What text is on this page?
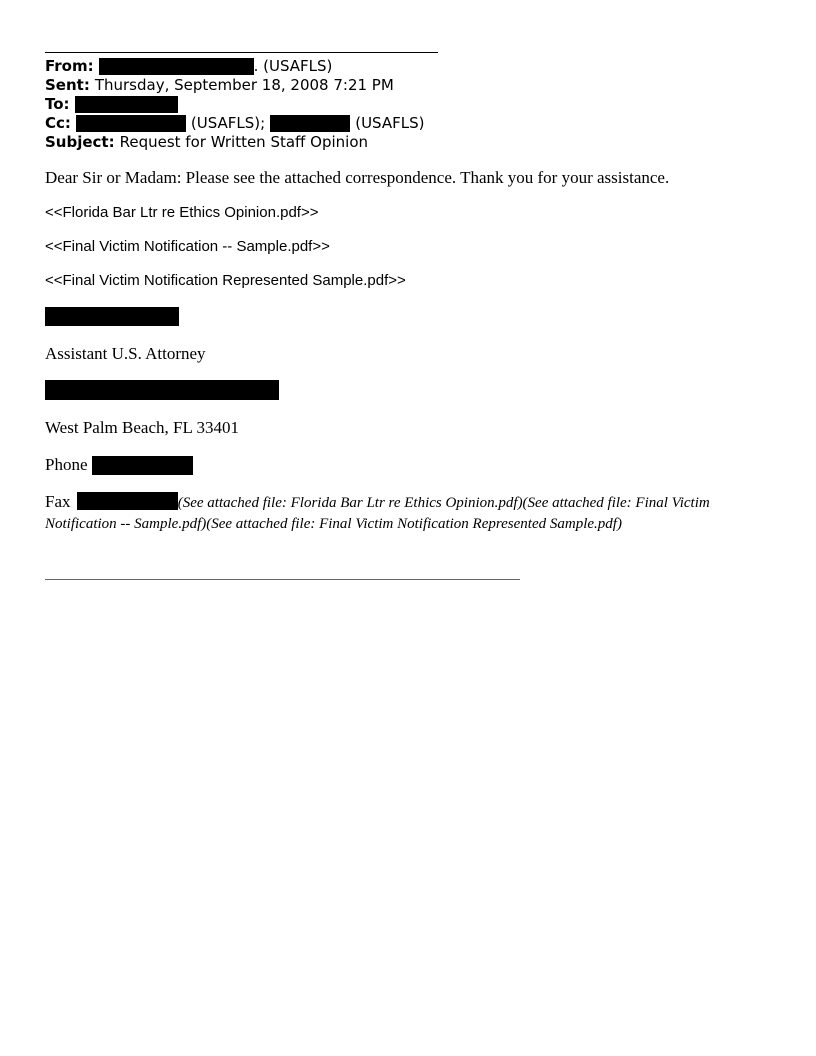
From:	. (USAFLS)
Sent: Thursday, September 18, 2008 7:21 PM
To:
Cc:	(USAFLS);	(USAFLS)
Subject: Request for Written Staff Opinion
Dear Sir or Madam: Please see the attached correspondence. Thank you for your assistance.
<<Florida Bar Ltr re Ethics Opinion.pdf>>
<<Final Victim Notification -- Sample.pdf>>
<<Final Victim Notification Represented Sample.pdf>>
Assistant U.S. Attorney
West Palm Beach, FL 33401
Phone
Fax	(See attached file: Florida Bar Ltr re Ethics Opinion.pdf)(See attached file: Final Victim Notification -- Sample.pdf)(See attached file: Final Victim Notification Represented Sample.pdf)
